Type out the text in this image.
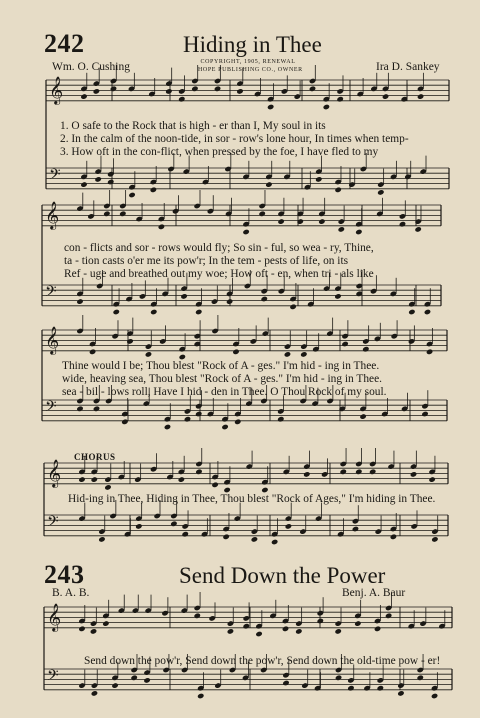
𝄞
𝄢
𝄞
𝄢
𝄞
𝄢
𝄞
𝄢
𝄞
𝄢
242	Hiding in Thee
Wm. O. Cushing	COPYRIGHT, 1905, RENEWAL
HOPE PUBLISHING CO., OWNER	Ira D. Sankey
1. O safe to the Rock that is high - er than I, My soul in its
2. In the calm of the noon-tide, in sor - row's lone hour, In times when temp-
3. How oft in the con-flict, when pressed by the foe, I have fled to my
con - flicts and sor - rows would fly; So sin - ful, so wea - ry, Thine,
ta - tion casts o'er me its pow'r; In the tem - pests of life, on its
Ref - uge and breathed out my woe; How oft - en, when tri - als like
Thine would I be; Thou blest "Rock of A - ges." I'm hid - ing in Thee.
wide, heaving sea, Thou blest "Rock of A - ges." I'm hid - ing in Thee.
sea - bil - lows roll, Have I hid - den in Thee. O Thou Rock of my soul.
CHORUS
Hid-ing in Thee, Hiding in Thee, Thou blest "Rock of Ages," I'm hiding in Thee.
243	Send Down the Power
B. A. B.	Benj. A. Baur
Send down the pow'r, Send down the pow'r, Send down the old-time pow - er!
